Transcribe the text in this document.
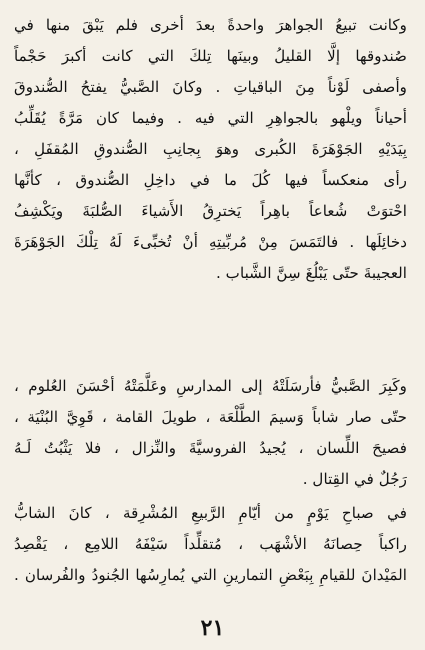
وكانت تبيعُ الجواهرَ واحدةً بعدَ أخرى فلم يَبْقَ منها في
صُندوقها إلَّا القليلُ وبينَها تِلكَ التي كانت أكبرَ حَجْماً
وأصفى لَوْناً مِنَ الباقياتِ . وكانَ الصَّبيُّ يفتحُ الصُّندوقَ
أحياناً ويلْهو بالجواهِرِ التي فيه . وفيما كان مَرَّةً يُقَلِّبُ
بِيَدَيْهِ الجَوْهَرَةَ الكُبرى وهوَ بِجانِبِ الصُّندوقِ المُقفَلِ ،
رأى منعكساً فيها كُلَ ما في داخِلِ الصُّندوق ، كأنَّها
احْتوَتْ شُعاعاً باهِراً يَخترِقُ الأَشياءَ الصُّلبَةَ ويَكْشِفُ
دخائِلَها . فالتَمَسَ مِنْ مُربِّيتِهِ أنْ تُخبِّىءَ لَهُ تِلْكَ الجَوْهَرَةَ
العجيبةَ حتّى يَبْلُغَ سِنَّ الشَّباب .
وكَبِرَ الصَّبيُّ فأرسَلَتْهُ إلى المدارسِ وعَلَّمَتْهُ أحْسَنَ العُلوم ،
حتّى صار شاباً وَسيمَ الطَّلْعَة ، طويلَ القامة ، قَوِيَّ البُنْيَة ،
فصيحَ اللِّسان ، يُجيدُ الفروسيَّةَ والنِّزال ، فلا يَثْبُتُ لَـهُ
رَجُلٌ في القِتال .
في صباحِ يَوْمٍ من أيّامِ الرَّبيعِ المُشْرِقة ، كانَ الشابُّ
راكباً حِصانَهُ الأشْهَب ، مُتقلِّداً سَيْفَهُ اللامِع ، يَقْصِدُ
المَيْدانَ للقيامِ بِبَعْضِ التمارينِ التي يُمارِسُها الجُنودُ والفُرسان .
٢١
